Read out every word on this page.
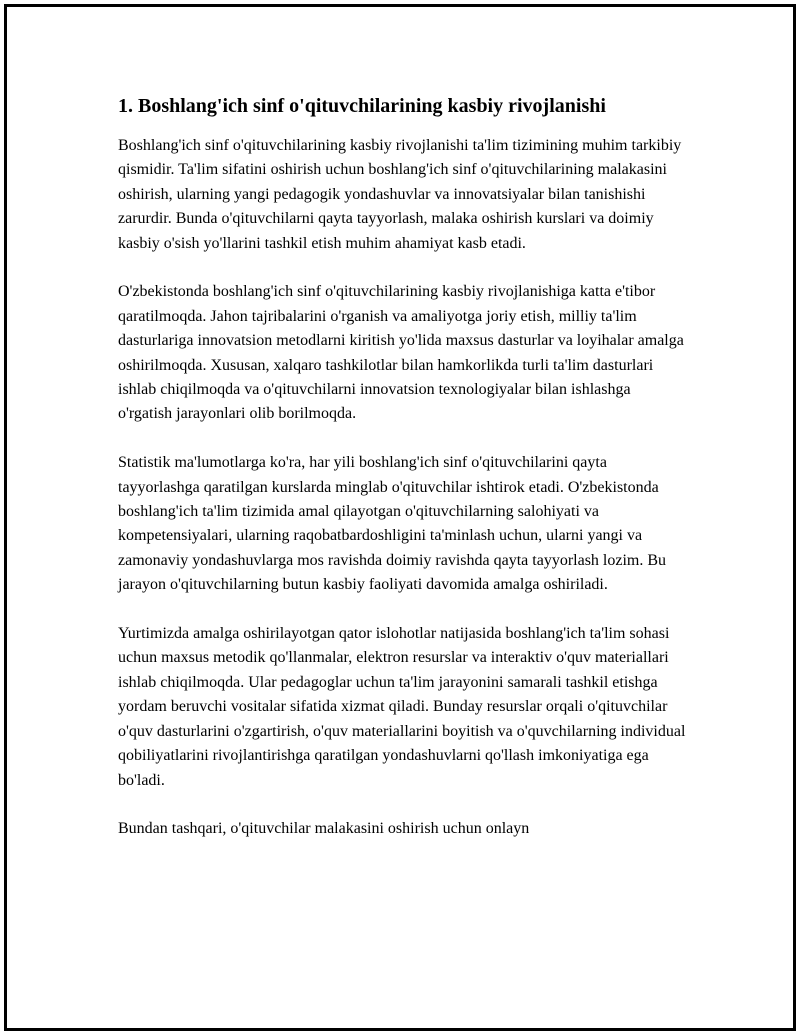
1. Boshlang'ich sinf o'qituvchilarining kasbiy rivojlanishi

Boshlang'ich sinf o'qituvchilarining kasbiy rivojlanishi ta'lim tizimining muhim tarkibiy qismidir. Ta'lim sifatini oshirish uchun boshlang'ich sinf o'qituvchilarining malakasini oshirish, ularning yangi pedagogik yondashuvlar va innovatsiyalar bilan tanishishi zarurdir. Bunda o'qituvchilarni qayta tayyorlash, malaka oshirish kurslari va doimiy kasbiy o'sish yo'llarini tashkil etish muhim ahamiyat kasb etadi.

O'zbekistonda boshlang'ich sinf o'qituvchilarining kasbiy rivojlanishiga katta e'tibor qaratilmoqda. Jahon tajribalarini o'rganish va amaliyotga joriy etish, milliy ta'lim dasturlariga innovatsion metodlarni kiritish yo'lida maxsus dasturlar va loyihalar amalga oshirilmoqda. Xususan, xalqaro tashkilotlar bilan hamkorlikda turli ta'lim dasturlari ishlab chiqilmoqda va o'qituvchilarni innovatsion texnologiyalar bilan ishlashga o'rgatish jarayonlari olib borilmoqda.

Statistik ma'lumotlarga ko'ra, har yili boshlang'ich sinf o'qituvchilarini qayta tayyorlashga qaratilgan kurslarda minglab o'qituvchilar ishtirok etadi. O'zbekistonda boshlang'ich ta'lim tizimida amal qilayotgan o'qituvchilarning salohiyati va kompetensiyalari, ularning raqobatbardoshligini ta'minlash uchun, ularni yangi va zamonaviy yondashuvlarga mos ravishda doimiy ravishda qayta tayyorlash lozim. Bu jarayon o'qituvchilarning butun kasbiy faoliyati davomida amalga oshiriladi.

Yurtimizda amalga oshirilayotgan qator islohotlar natijasida boshlang'ich ta'lim sohasi uchun maxsus metodik qo'llanmalar, elektron resurslar va interaktiv o'quv materiallari ishlab chiqilmoqda. Ular pedagoglar uchun ta'lim jarayonini samarali tashkil etishga yordam beruvchi vositalar sifatida xizmat qiladi. Bunday resurslar orqali o'qituvchilar o'quv dasturlarini o'zgartirish, o'quv materiallarini boyitish va o'quvchilarning individual qobiliyatlarini rivojlantirishga qaratilgan yondashuvlarni qo'llash imkoniyatiga ega bo'ladi.

Bundan tashqari, o'qituvchilar malakasini oshirish uchun onlayn
